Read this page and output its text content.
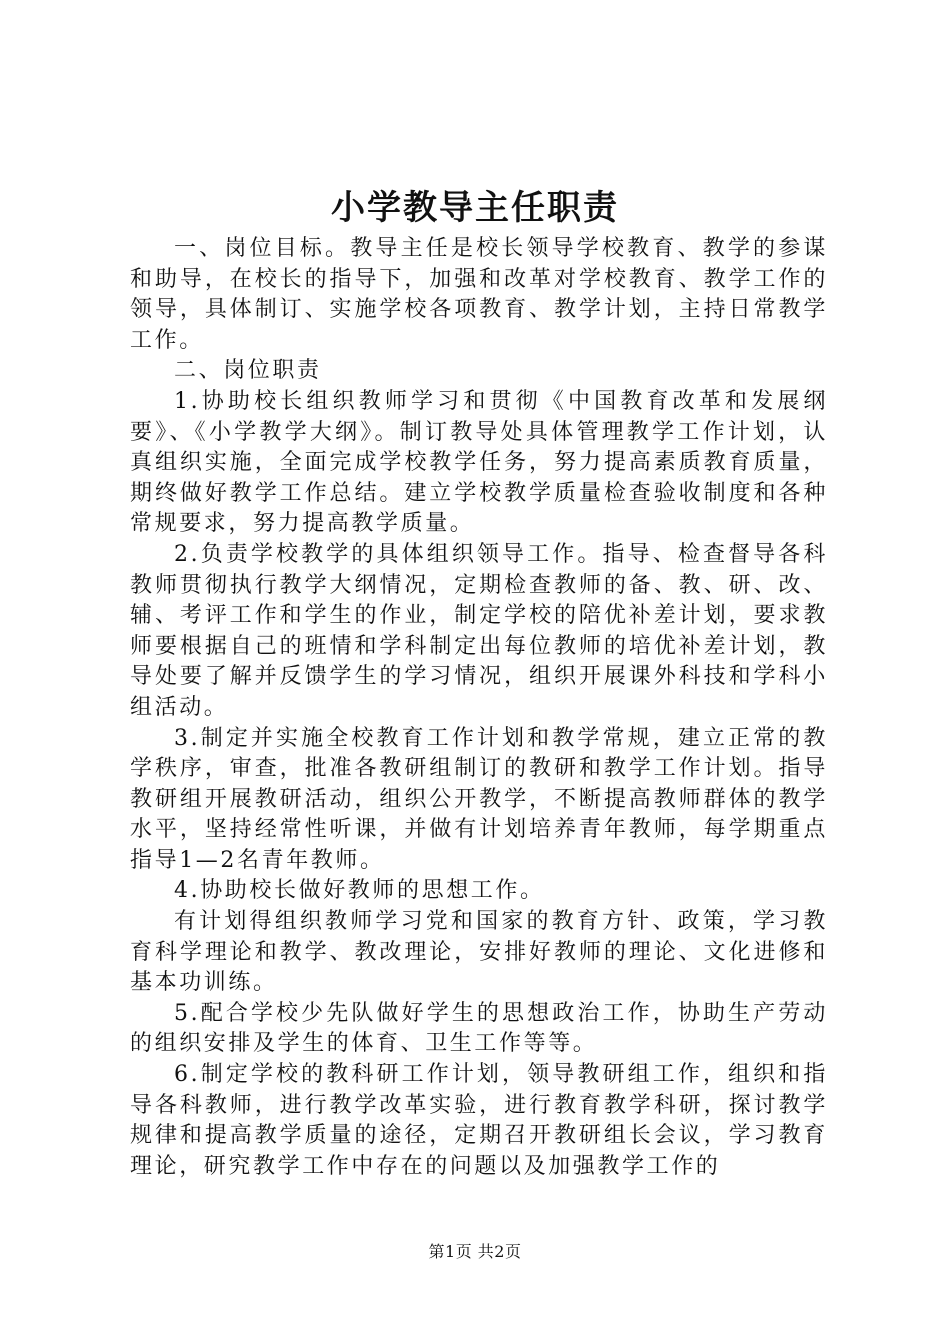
小学教导主任职责

一、岗位目标。教导主任是校长领导学校教育、教学的参谋和助导，在校长的指导下，加强和改革对学校教育、教学工作的领导，具体制订、实施学校各项教育、教学计划，主持日常教学工作。

二、岗位职责

1.协助校长组织教师学习和贯彻《中国教育改革和发展纲要》、《小学教学大纲》。制订教导处具体管理教学工作计划，认真组织实施，全面完成学校教学任务，努力提高素质教育质量，期终做好教学工作总结。建立学校教学质量检查验收制度和各种常规要求，努力提高教学质量。

2.负责学校教学的具体组织领导工作。指导、检查督导各科教师贯彻执行教学大纲情况，定期检查教师的备、教、研、改、辅、考评工作和学生的作业，制定学校的陪优补差计划，要求教师要根据自己的班情和学科制定出每位教师的培优补差计划，教导处要了解并反馈学生的学习情况，组织开展课外科技和学科小组活动。

3.制定并实施全校教育工作计划和教学常规，建立正常的教学秩序，审查，批准各教研组制订的教研和教学工作计划。指导教研组开展教研活动，组织公开教学，不断提高教师群体的教学水平，坚持经常性听课，并做有计划培养青年教师，每学期重点指导1—2名青年教师。

4.协助校长做好教师的思想工作。

有计划得组织教师学习党和国家的教育方针、政策，学习教育科学理论和教学、教改理论，安排好教师的理论、文化进修和基本功训练。

5.配合学校少先队做好学生的思想政治工作，协助生产劳动的组织安排及学生的体育、卫生工作等等。

6.制定学校的教科研工作计划，领导教研组工作，组织和指导各科教师，进行教学改革实验，进行教育教学科研，探讨教学规律和提高教学质量的途径，定期召开教研组长会议，学习教育理论，研究教学工作中存在的问题以及加强教学工作的

第1页 共2页
